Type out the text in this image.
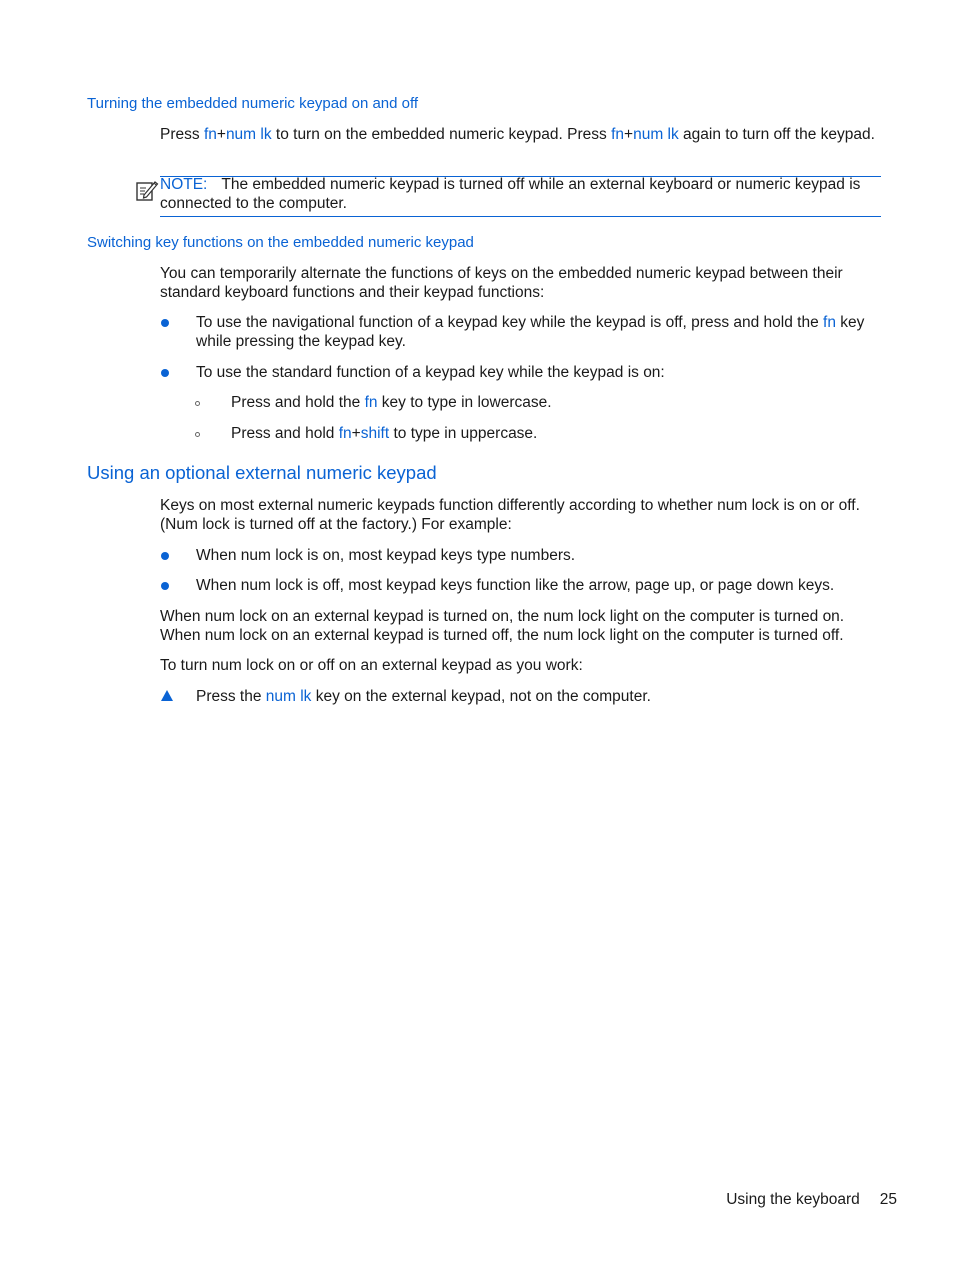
Turning the embedded numeric keypad on and off

Press fn+num lk to turn on the embedded numeric keypad. Press fn+num lk again to turn off the keypad.

NOTE: The embedded numeric keypad is turned off while an external keyboard or numeric keypad is connected to the computer.

Switching key functions on the embedded numeric keypad

You can temporarily alternate the functions of keys on the embedded numeric keypad between their standard keyboard functions and their keypad functions:

To use the navigational function of a keypad key while the keypad is off, press and hold the fn key while pressing the keypad key.

To use the standard function of a keypad key while the keypad is on:

Press and hold the fn key to type in lowercase.

Press and hold fn+shift to type in uppercase.

Using an optional external numeric keypad

Keys on most external numeric keypads function differently according to whether num lock is on or off. (Num lock is turned off at the factory.) For example:

When num lock is on, most keypad keys type numbers.

When num lock is off, most keypad keys function like the arrow, page up, or page down keys.

When num lock on an external keypad is turned on, the num lock light on the computer is turned on. When num lock on an external keypad is turned off, the num lock light on the computer is turned off.

To turn num lock on or off on an external keypad as you work:

Press the num lk key on the external keypad, not on the computer.

Using the keyboard 25
